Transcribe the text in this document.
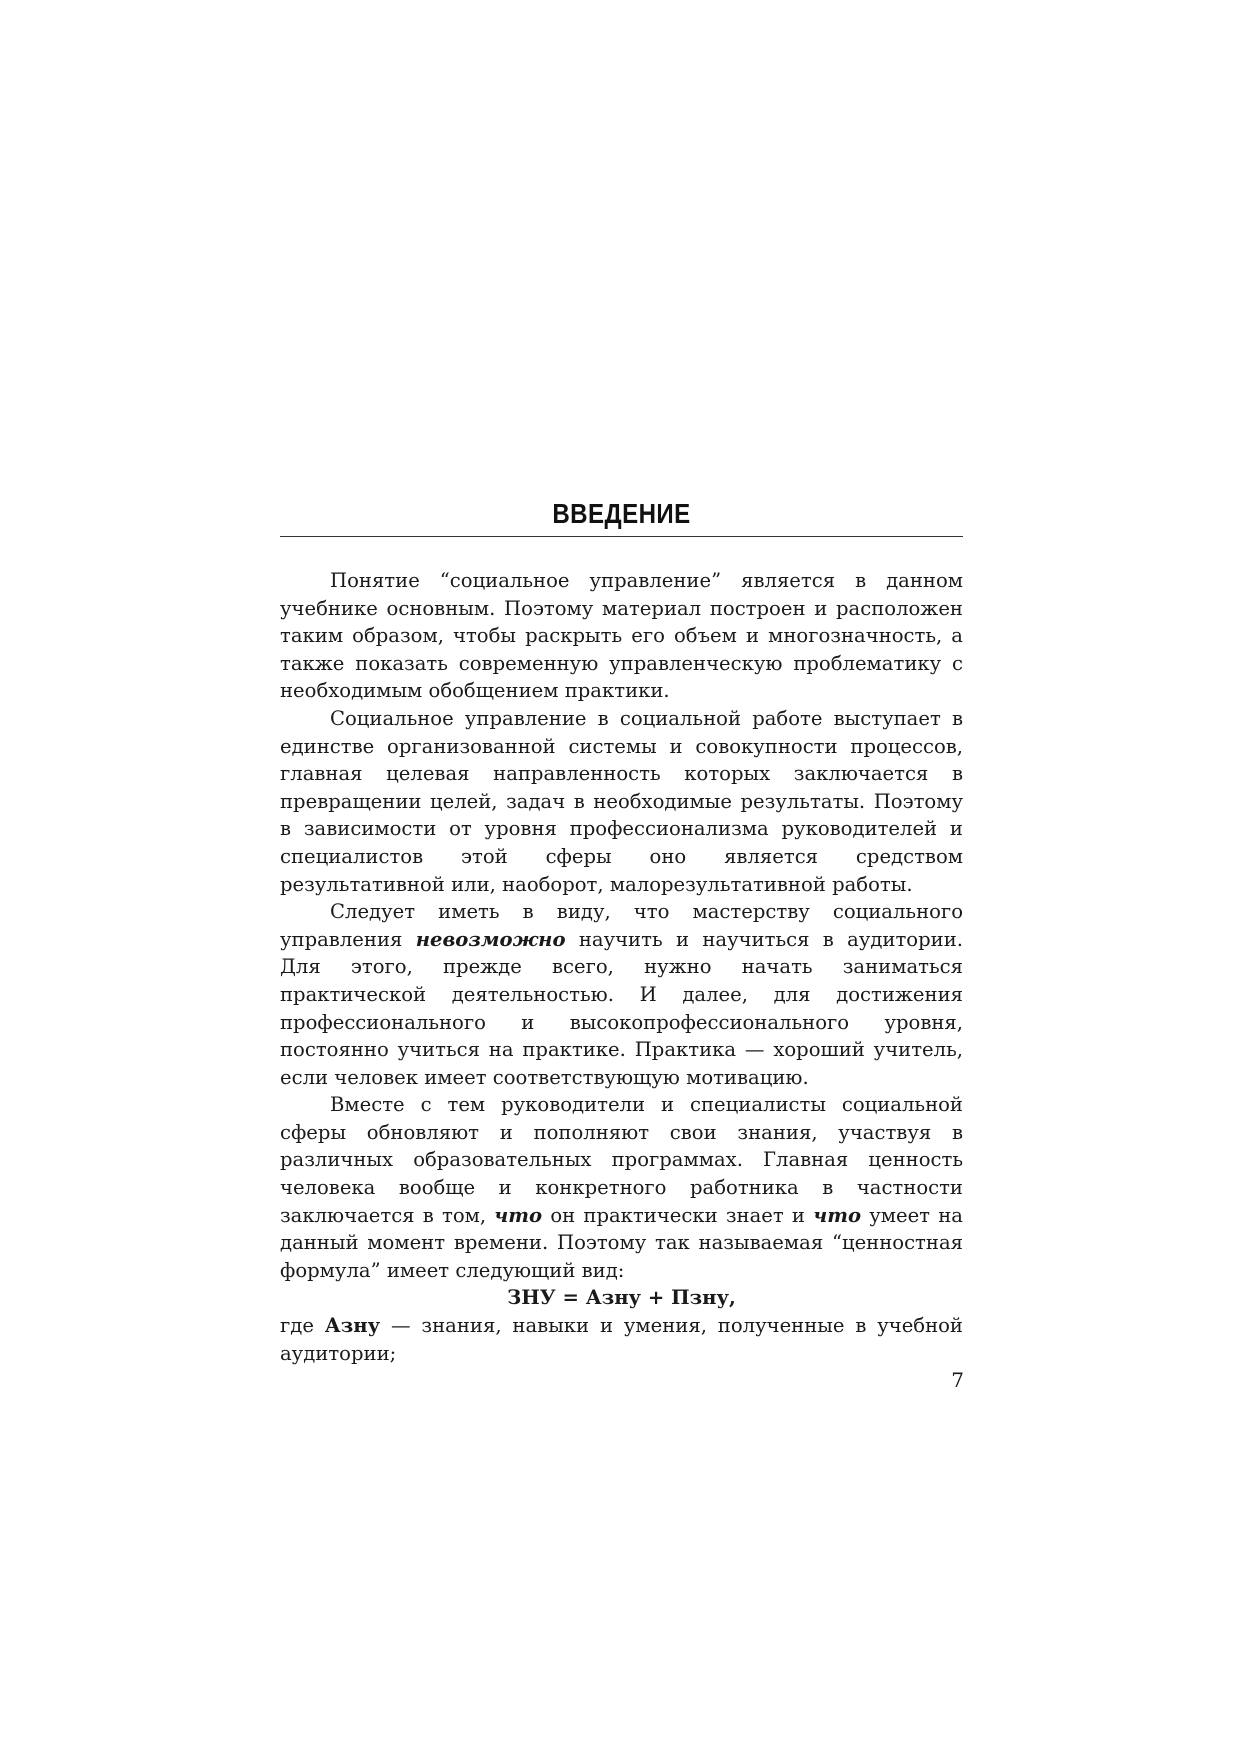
ВВЕДЕНИЕ

Понятие “социальное управление” является в данном учебнике основным. Поэтому материал построен и расположен таким образом, чтобы раскрыть его объем и многозначность, а также показать современную управленческую проблематику с необходимым обобщением практики.

Социальное управление в социальной работе выступает в единстве организованной системы и совокупности процессов, главная целевая направленность которых заключается в превращении целей, задач в необходимые результаты. Поэтому в зависимости от уровня профессионализма руководителей и специалистов этой сферы оно является средством результативной или, наоборот, малорезультативной работы.

Следует иметь в виду, что мастерству социального управления невозможно научить и научиться в аудитории. Для этого, прежде всего, нужно начать заниматься практической деятельностью. И далее, для достижения профессионального и высокопрофессионального уровня, постоянно учиться на практике. Практика — хороший учитель, если человек имеет соответствующую мотивацию.

Вместе с тем руководители и специалисты социальной сферы обновляют и пополняют свои знания, участвуя в различных образовательных программах. Главная ценность человека вообще и конкретного работника в частности заключается в том, что он практически знает и что умеет на данный момент времени. Поэтому так называемая “ценностная формула” имеет следующий вид:

ЗНУ = Азну + Пзну,

где Азну — знания, навыки и умения, полученные в учебной аудитории;

7
